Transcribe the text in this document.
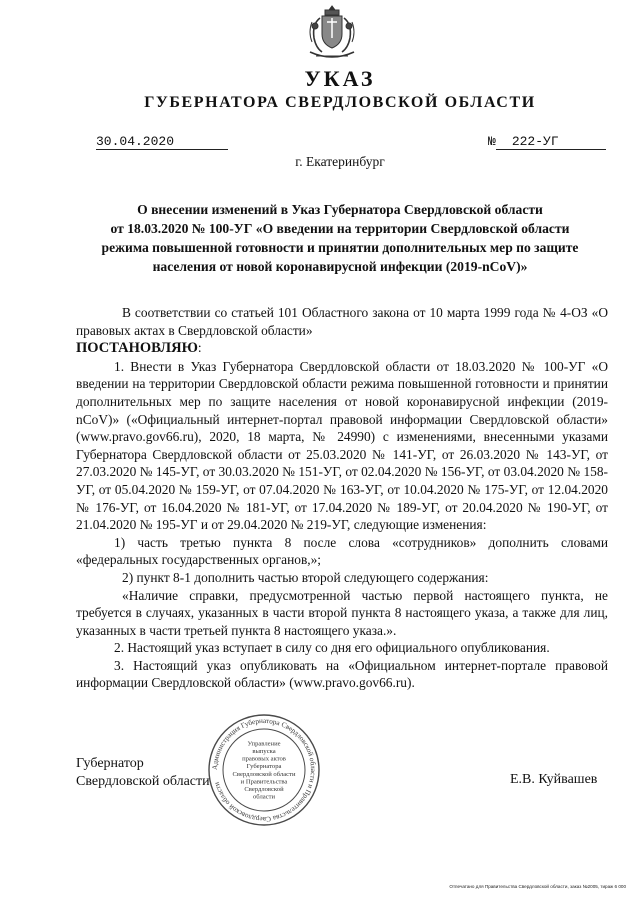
УКАЗ
ГУБЕРНАТОРА СВЕРДЛОВСКОЙ ОБЛАСТИ
30.04.2020	№ 222-УГ
г. Екатеринбург
О внесении изменений в Указ Губернатора Свердловской области
от 18.03.2020 № 100-УГ «О введении на территории Свердловской области
режима повышенной готовности и принятии дополнительных мер по защите
населения от новой коронавирусной инфекции (2019-nCoV)»

В соответствии со статьей 101 Областного закона от 10 марта 1999 года № 4-ОЗ «О правовых актах в Свердловской области»

ПОСТАНОВЛЯЮ:

1. Внести в Указ Губернатора Свердловской области от 18.03.2020 № 100-УГ «О введении на территории Свердловской области режима повышенной готовности и принятии дополнительных мер по защите населения от новой коронавирусной инфекции (2019-nCoV)» («Официальный интернет-портал правовой информации Свердловской области» (www.pravo.gov66.ru), 2020, 18 марта, № 24990) с изменениями, внесенными указами Губернатора Свердловской области от 25.03.2020 № 141-УГ, от 26.03.2020 № 143-УГ, от 27.03.2020 № 145-УГ, от 30.03.2020 № 151-УГ, от 02.04.2020 № 156-УГ, от 03.04.2020 № 158-УГ, от 05.04.2020 № 159-УГ, от 07.04.2020 № 163-УГ, от 10.04.2020 № 175-УГ, от 12.04.2020 № 176-УГ, от 16.04.2020 № 181-УГ, от 17.04.2020 № 189-УГ, от 20.04.2020 № 190-УГ, от 21.04.2020 № 195-УГ и от 29.04.2020 № 219-УГ, следующие изменения:

1) часть третью пункта 8 после слова «сотрудников» дополнить словами «федеральных государственных органов,»;

2) пункт 8-1 дополнить частью второй следующего содержания:

«Наличие справки, предусмотренной частью первой настоящего пункта, не требуется в случаях, указанных в части второй пункта 8 настоящего указа, а также для лиц, указанных в части третьей пункта 8 настоящего указа.».

2. Настоящий указ вступает в силу со дня его официального опубликования.

3. Настоящий указ опубликовать на «Официальном интернет-портале правовой информации Свердловской области» (www.pravo.gov66.ru).

Администрация Губернатора Свердловской области и Правительства Свердловской области
Управление
выпуска
правовых актов
Губернатора
Свердловской области
и Правительства
Свердловской
области
Губернатор
Свердловской области	Е.В. Куйвашев
Отпечатано для Правительства Свердловской области, заказ №2005, тираж 6 000
